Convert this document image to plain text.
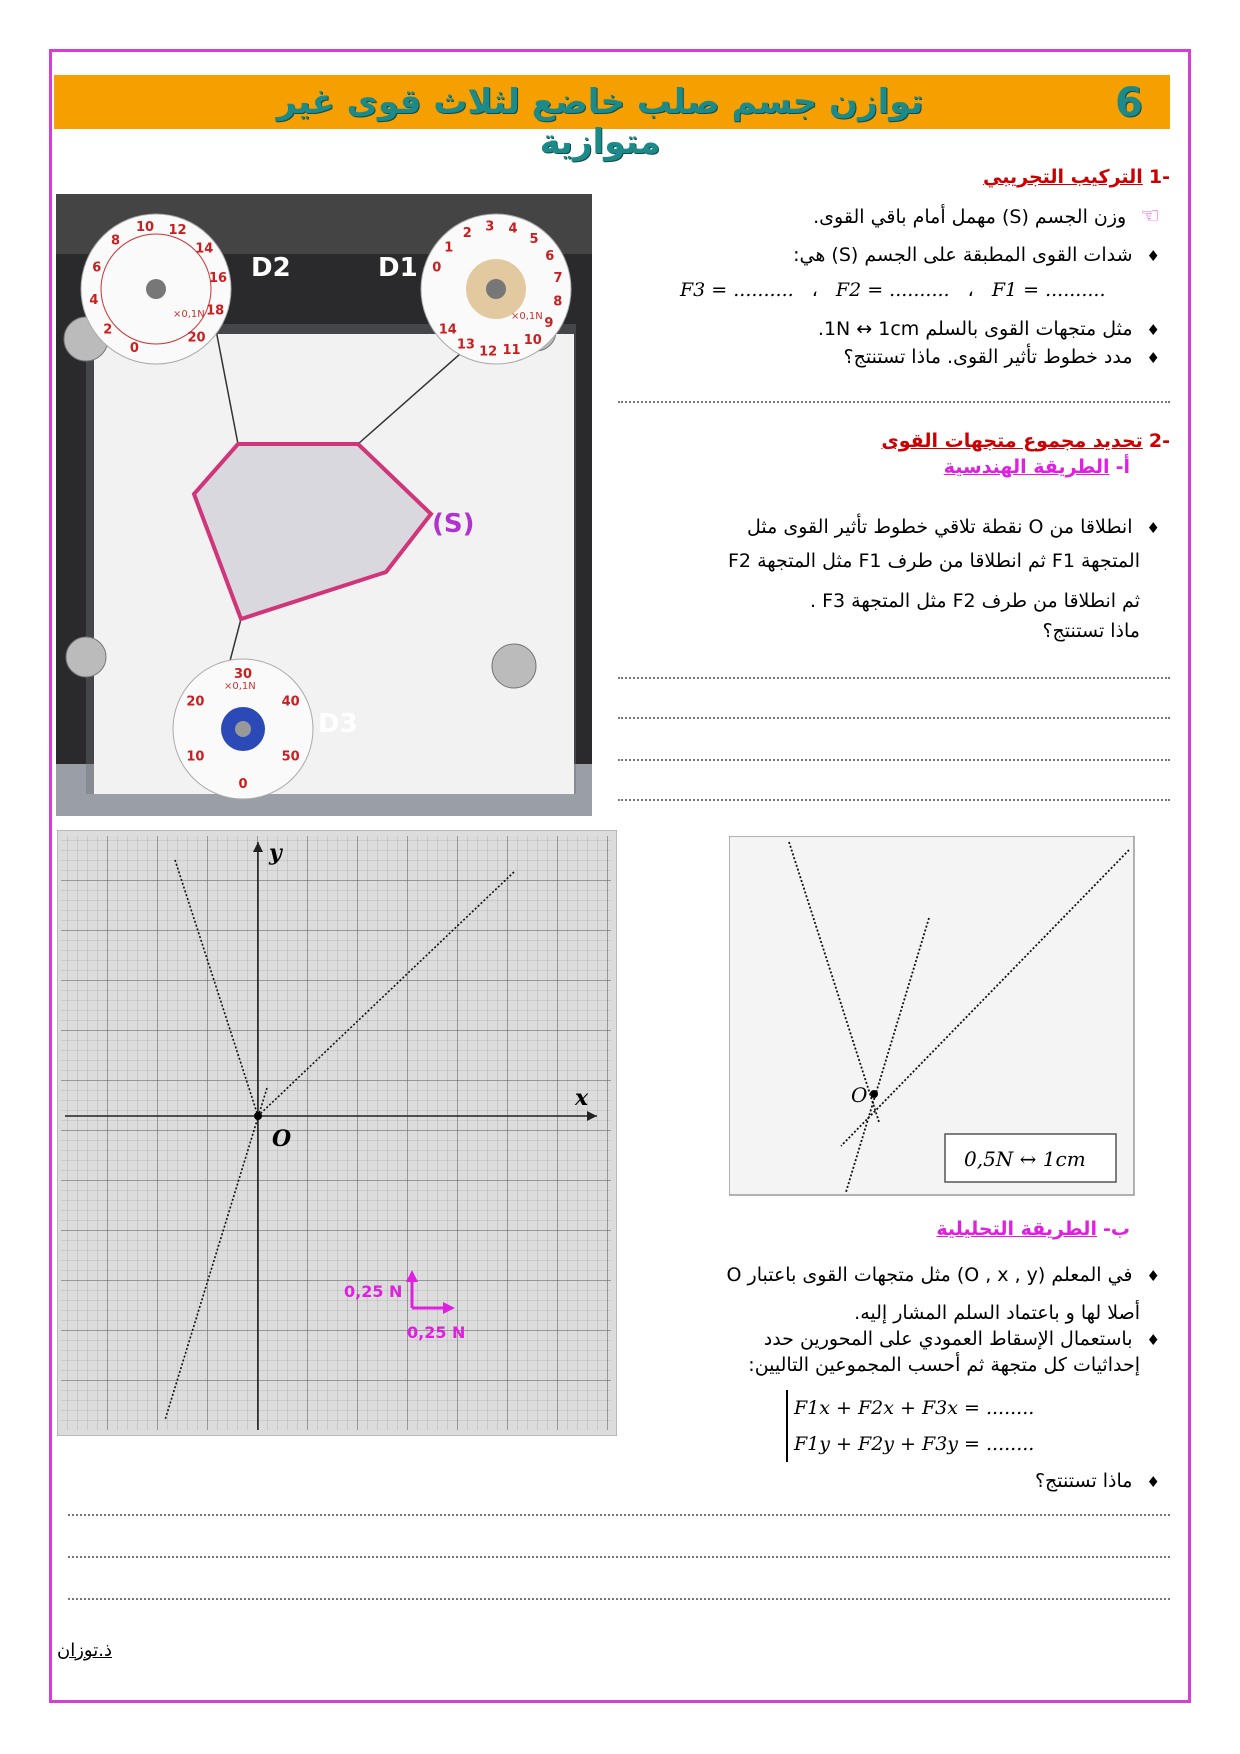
توازن جسم صلب خاضع لثلاث قوى غير متوازية
6
-1 التركيب التجريبي
☜ وزن الجسم (S) مهمل أمام باقي القوى.
♦ شدات القوى المطبقة على الجسم (S) هي:
F3 = .......... ، F2 = .......... ، F1 = ..........
♦ مثل متجهات القوى بالسلم 1N ↔ 1cm.
♦ مدد خطوط تأثير القوى. ماذا تستنتج؟
D2	D1
D3
(S)
×0,1N	×0,1N
×0,1N
0
1
2 3 4
5
6
7
8
9
10
11
12
13
14
0
2
4
6
8
10 12
14
16
18
20
0
10
20
30
40
50
-2 تحديد مجموع متجهات القوى
أ- الطريقة الهندسية
♦ انطلاقا من O نقطة تلاقي خطوط تأثير القوى مثل
المتجهة F1 ثم انطلاقا من طرف F1 مثل المتجهة F2
ثم انطلاقا من طرف F2 مثل المتجهة F3 .
ماذا تستنتج؟
y
x
O
0,25 N
0,25 N
O
0,5N ↔ 1cm
ب- الطريقة التحليلية
♦ في المعلم (O , x , y) مثل متجهات القوى باعتبار O
أصلا لها و باعتماد السلم المشار إليه.
♦ باستعمال الإسقاط العمودي على المحورين حدد
إحداثيات كل متجهة ثم أحسب المجموعين التاليين:
F1x + F2x + F3x = ........
F1y + F2y + F3y = ........
♦ ماذا تستنتج؟
ذ.توزان
